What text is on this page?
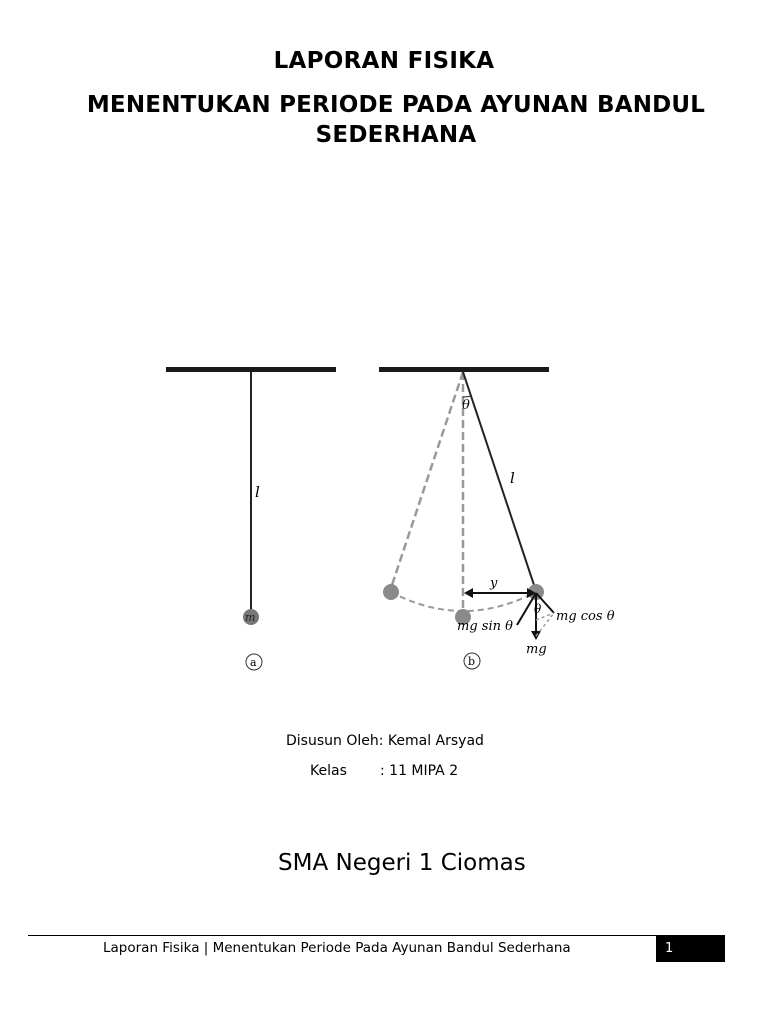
LAPORAN FISIKA
MENENTUKAN PERIODE PADA AYUNAN BANDUL SEDERHANA
m
l
a
θ
l
y
θ mg cos θ
mg sin θ
mg
b
Disusun Oleh: Kemal Arsyad
Kelas : 11 MIPA 2
SMA Negeri 1 Ciomas
Laporan Fisika | Menentukan Periode Pada Ayunan Bandul Sederhana	1
